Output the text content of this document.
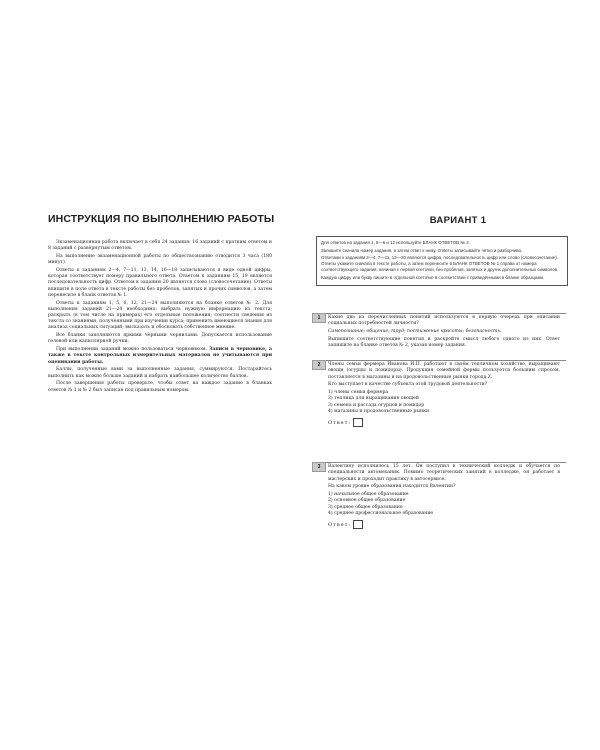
ИНСТРУКЦИЯ ПО ВЫПОЛНЕНИЮ РАБОТЫ

Экзаменационная работа включает в себя 24 задания: 16 заданий с кратким ответом и 8 заданий с развёрнутым ответом.

На выполнение экзаменационной работы по обществознанию отводится 3 часа (180 минут).

Ответы к заданиям 2—4, 7—11, 13, 14, 16—18 записываются в виде одной цифры, которая соответствует номеру правильного ответа. Ответом к заданиям 15, 19 является последовательность цифр. Ответом к заданию 20 является слово (словосочетание). Ответы впишите в поле ответа в тексте работы без пробелов, запятых и прочих символов, а затем перенесите в бланк ответов № 1.

Ответы к заданиям 1, 5, 6, 12, 21—24 выполняются на бланке ответов № 2. Для выполнения заданий 21—24 необходимо: выбрать нужную информацию из текста; раскрыть (в том числе на примерах) его отдельные положения; соотнести сведения из текста со знаниями, полученными при изучении курса; применить имеющиеся знания для анализа социальных ситуаций; высказать и обосновать собственное мнение.

Все бланки заполняются яркими чёрными чернилами. Допускается использование гелевой или капиллярной ручки.

При выполнении заданий можно пользоваться черновиком. Записи в черновике, а также в тексте контрольных измерительных материалов не учитываются при оценивании работы.

Баллы, полученные вами за выполненные задания, суммируются. Постарайтесь выполнить как можно больше заданий и набрать наибольшее количество баллов.

После завершения работы проверьте, чтобы ответ на каждое задание в бланках ответов № 1 и № 2 был записан под правильным номером.

ВАРИАНТ 1

Для ответов на задания 1, 5—6 и 12 используйте БЛАНК ОТВЕТОВ № 2.

Запишите сначала номер задания, а затем ответ к нему. Ответы записывайте чётко и разборчиво.

Ответами к заданиям 2—4, 7—11, 13—20 являются цифра, последовательность цифр или слово (словосочетание). Ответы укажите сначала в тексте работы, а затем перенесите в БЛАНК ОТВЕТОВ № 1 справа от номера соответствующего задания, начиная с первой клеточки, без пробелов, запятых и других дополнительных символов.

Каждую цифру или букву пишите в отдельной клеточке в соответствии с приведёнными в бланке образцами.

1	Какие два из перечисленных понятий используются в первую очередь при описании социальных потребностей личности?

Самопознание; общение; труд; постижение красоты; безопасность.

Выпишите соответствующие понятия и раскройте смысл любого одного из них. Ответ запишите на бланке ответов № 2, указав номер задания.

2	Члены семьи фермера Иванова И.П. работают в своём тепличном хозяйстве, выращивают овощи (огурцы и помидоры). Продукция семейной фермы пользуется большим спросом, поставляется в магазины и на продовольственные рынки города Z.

Кто выступает в качестве субъекта этой трудовой деятельности?

1) члены семьи фермера
2) теплица для выращивания овощей
3) семена и рассада огурцов и помидор
4) магазины и продовольственные рынки
Ответ:
3	Валентину исполнилось 15 лет. Он поступил в технический колледж и обучается по специальности автомеханик. Помимо теоретических занятий в колледже, он работает в мастерских и проходит практику в автосервисе.

На каком уровне образования находится Валентин?

1) начальное общее образование
2) основное общее образование
3) среднее общее образование
4) среднее профессиональное образование
Ответ:
